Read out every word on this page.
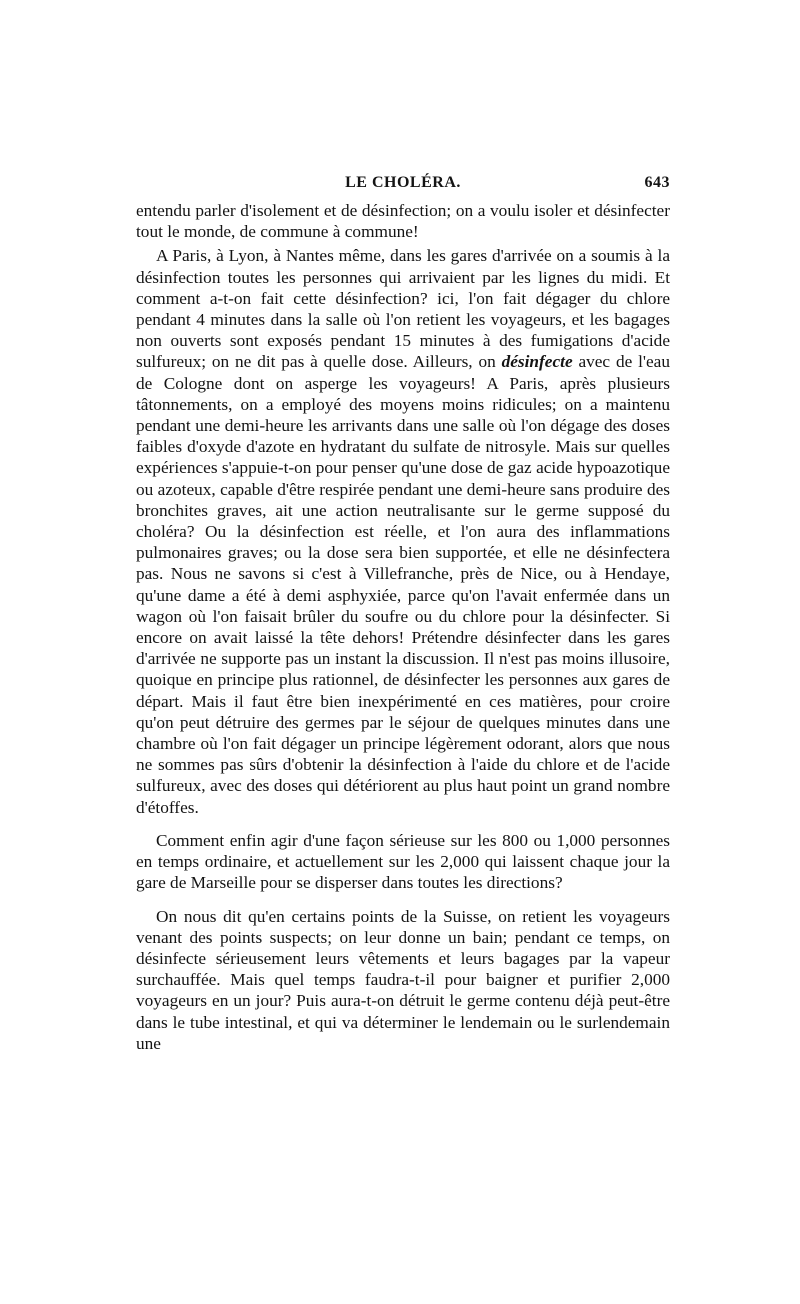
LE CHOLÉRA.	643

entendu parler d'isolement et de désinfection; on a voulu isoler et désinfecter tout le monde, de commune à commune!

A Paris, à Lyon, à Nantes même, dans les gares d'arrivée on a soumis à la désinfection toutes les personnes qui arrivaient par les lignes du midi. Et comment a-t-on fait cette désinfection? ici, l'on fait dégager du chlore pendant 4 minutes dans la salle où l'on retient les voyageurs, et les bagages non ouverts sont exposés pendant 15 minutes à des fumigations d'acide sulfureux; on ne dit pas à quelle dose. Ailleurs, on désinfecte avec de l'eau de Cologne dont on asperge les voyageurs! A Paris, après plusieurs tâtonnements, on a employé des moyens moins ridicules; on a maintenu pendant une demi-heure les arrivants dans une salle où l'on dégage des doses faibles d'oxyde d'azote en hydratant du sulfate de nitrosyle. Mais sur quelles expériences s'appuie-t-on pour penser qu'une dose de gaz acide hypoazotique ou azoteux, capable d'être respirée pendant une demi-heure sans produire des bronchites graves, ait une action neutralisante sur le germe supposé du choléra? Ou la désinfection est réelle, et l'on aura des inflammations pulmonaires graves; ou la dose sera bien supportée, et elle ne désinfectera pas. Nous ne savons si c'est à Villefranche, près de Nice, ou à Hendaye, qu'une dame a été à demi asphyxiée, parce qu'on l'avait enfermée dans un wagon où l'on faisait brûler du soufre ou du chlore pour la désinfecter. Si encore on avait laissé la tête dehors! Prétendre désinfecter dans les gares d'arrivée ne supporte pas un instant la discussion. Il n'est pas moins illusoire, quoique en principe plus rationnel, de désinfecter les personnes aux gares de départ. Mais il faut être bien inexpérimenté en ces matières, pour croire qu'on peut détruire des germes par le séjour de quelques minutes dans une chambre où l'on fait dégager un principe légèrement odorant, alors que nous ne sommes pas sûrs d'obtenir la désinfection à l'aide du chlore et de l'acide sulfureux, avec des doses qui détériorent au plus haut point un grand nombre d'étoffes.

Comment enfin agir d'une façon sérieuse sur les 800 ou 1,000 personnes en temps ordinaire, et actuellement sur les 2,000 qui laissent chaque jour la gare de Marseille pour se disperser dans toutes les directions?

On nous dit qu'en certains points de la Suisse, on retient les voyageurs venant des points suspects; on leur donne un bain; pendant ce temps, on désinfecte sérieusement leurs vêtements et leurs bagages par la vapeur surchauffée. Mais quel temps faudra-t-il pour baigner et purifier 2,000 voyageurs en un jour? Puis aura-t-on détruit le germe contenu déjà peut-être dans le tube intestinal, et qui va déterminer le lendemain ou le surlendemain une
